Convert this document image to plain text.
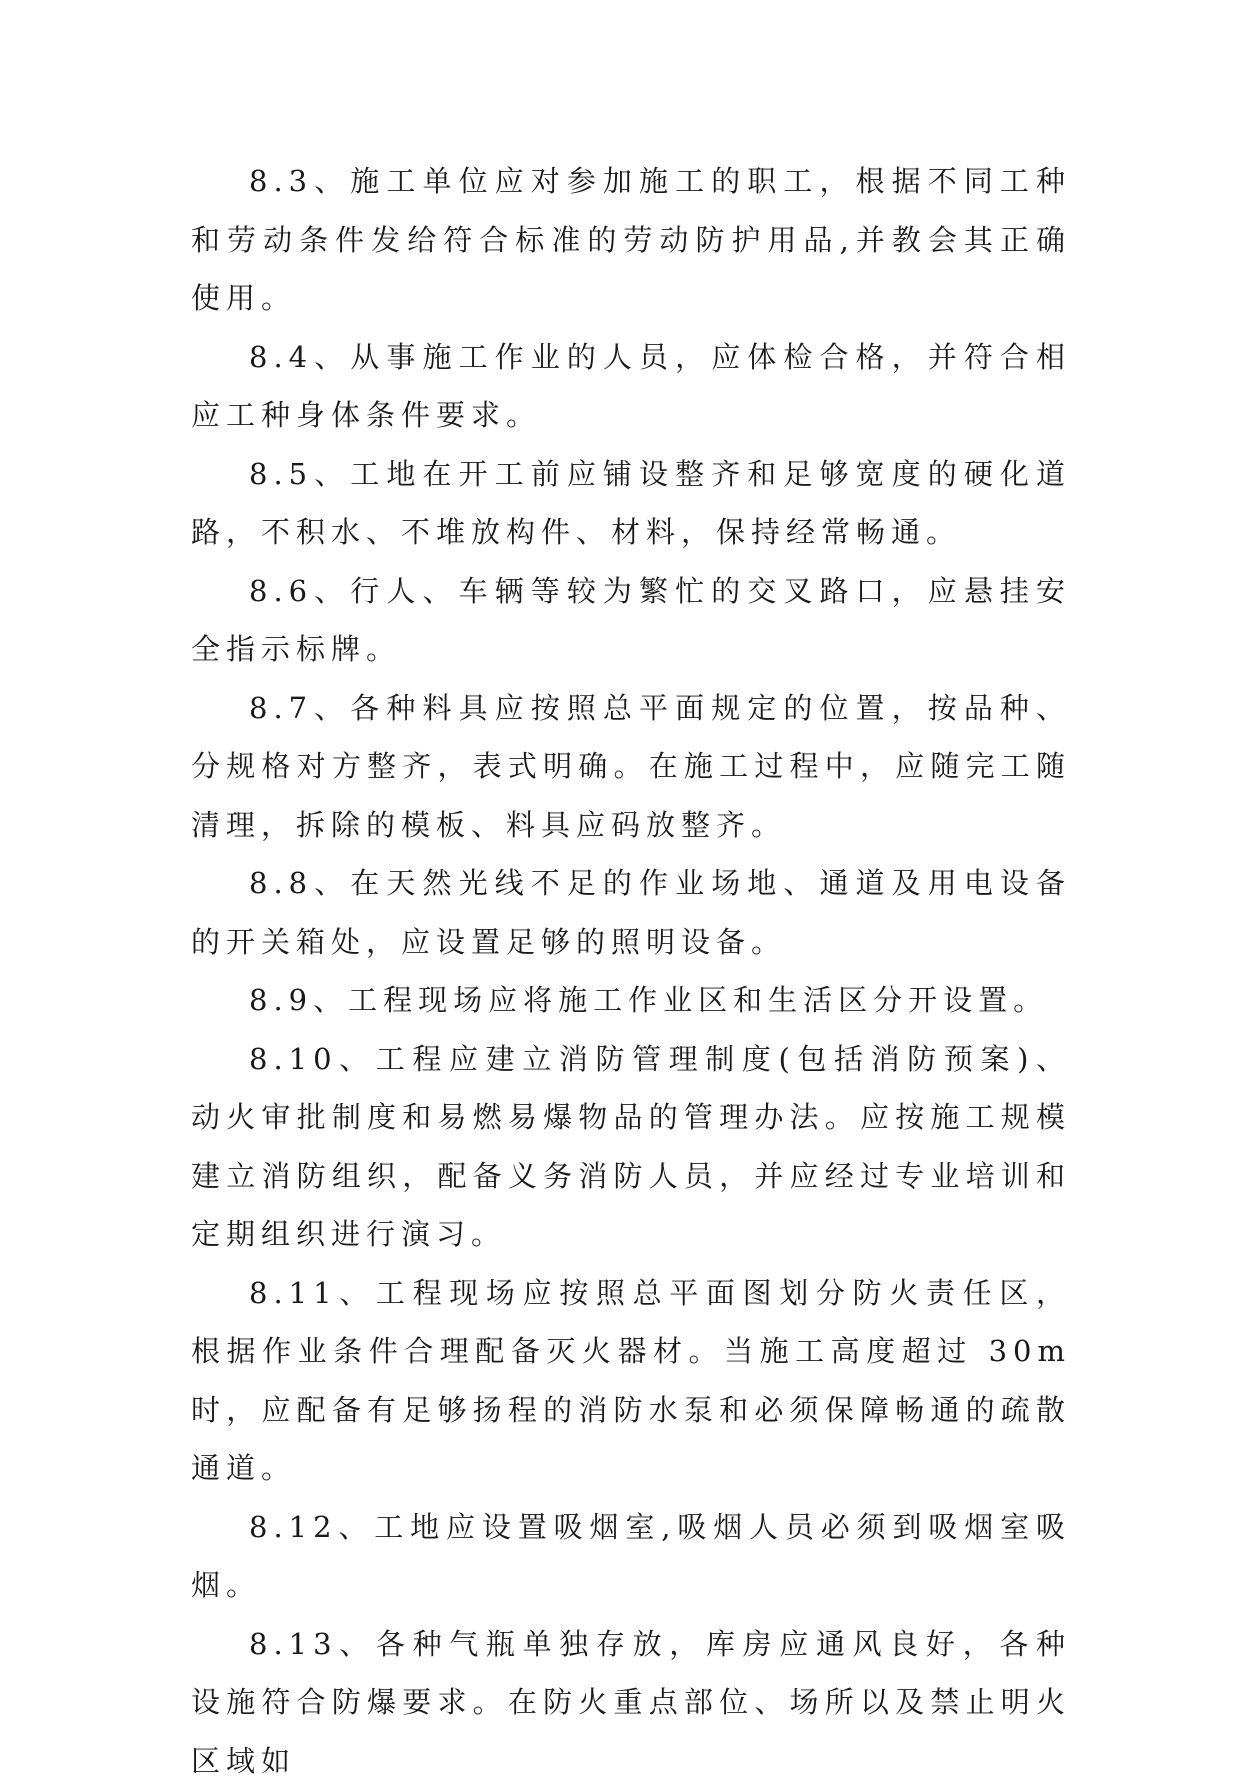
8.3、施工单位应对参加施工的职工，根据不同工种和劳动条件发给符合标准的劳动防护用品,并教会其正确使用。

8.4、从事施工作业的人员，应体检合格，并符合相应工种身体条件要求。

8.5、工地在开工前应铺设整齐和足够宽度的硬化道路，不积水、不堆放构件、材料，保持经常畅通。

8.6、行人、车辆等较为繁忙的交叉路口，应悬挂安全指示标牌。

8.7、各种料具应按照总平面规定的位置，按品种、分规格对方整齐，表式明确。在施工过程中，应随完工随清理，拆除的模板、料具应码放整齐。

8.8、在天然光线不足的作业场地、通道及用电设备的开关箱处，应设置足够的照明设备。

8.9、工程现场应将施工作业区和生活区分开设置。

8.10、工程应建立消防管理制度(包括消防预案)、动火审批制度和易燃易爆物品的管理办法。应按施工规模建立消防组织，配备义务消防人员，并应经过专业培训和定期组织进行演习。

8.11、工程现场应按照总平面图划分防火责任区，根据作业条件合理配备灭火器材。当施工高度超过 30m 时，应配备有足够扬程的消防水泵和必须保障畅通的疏散通道。

8.12、工地应设置吸烟室,吸烟人员必须到吸烟室吸烟。

8.13、各种气瓶单独存放，库房应通风良好，各种设施符合防爆要求。在防火重点部位、场所以及禁止明火区域如
